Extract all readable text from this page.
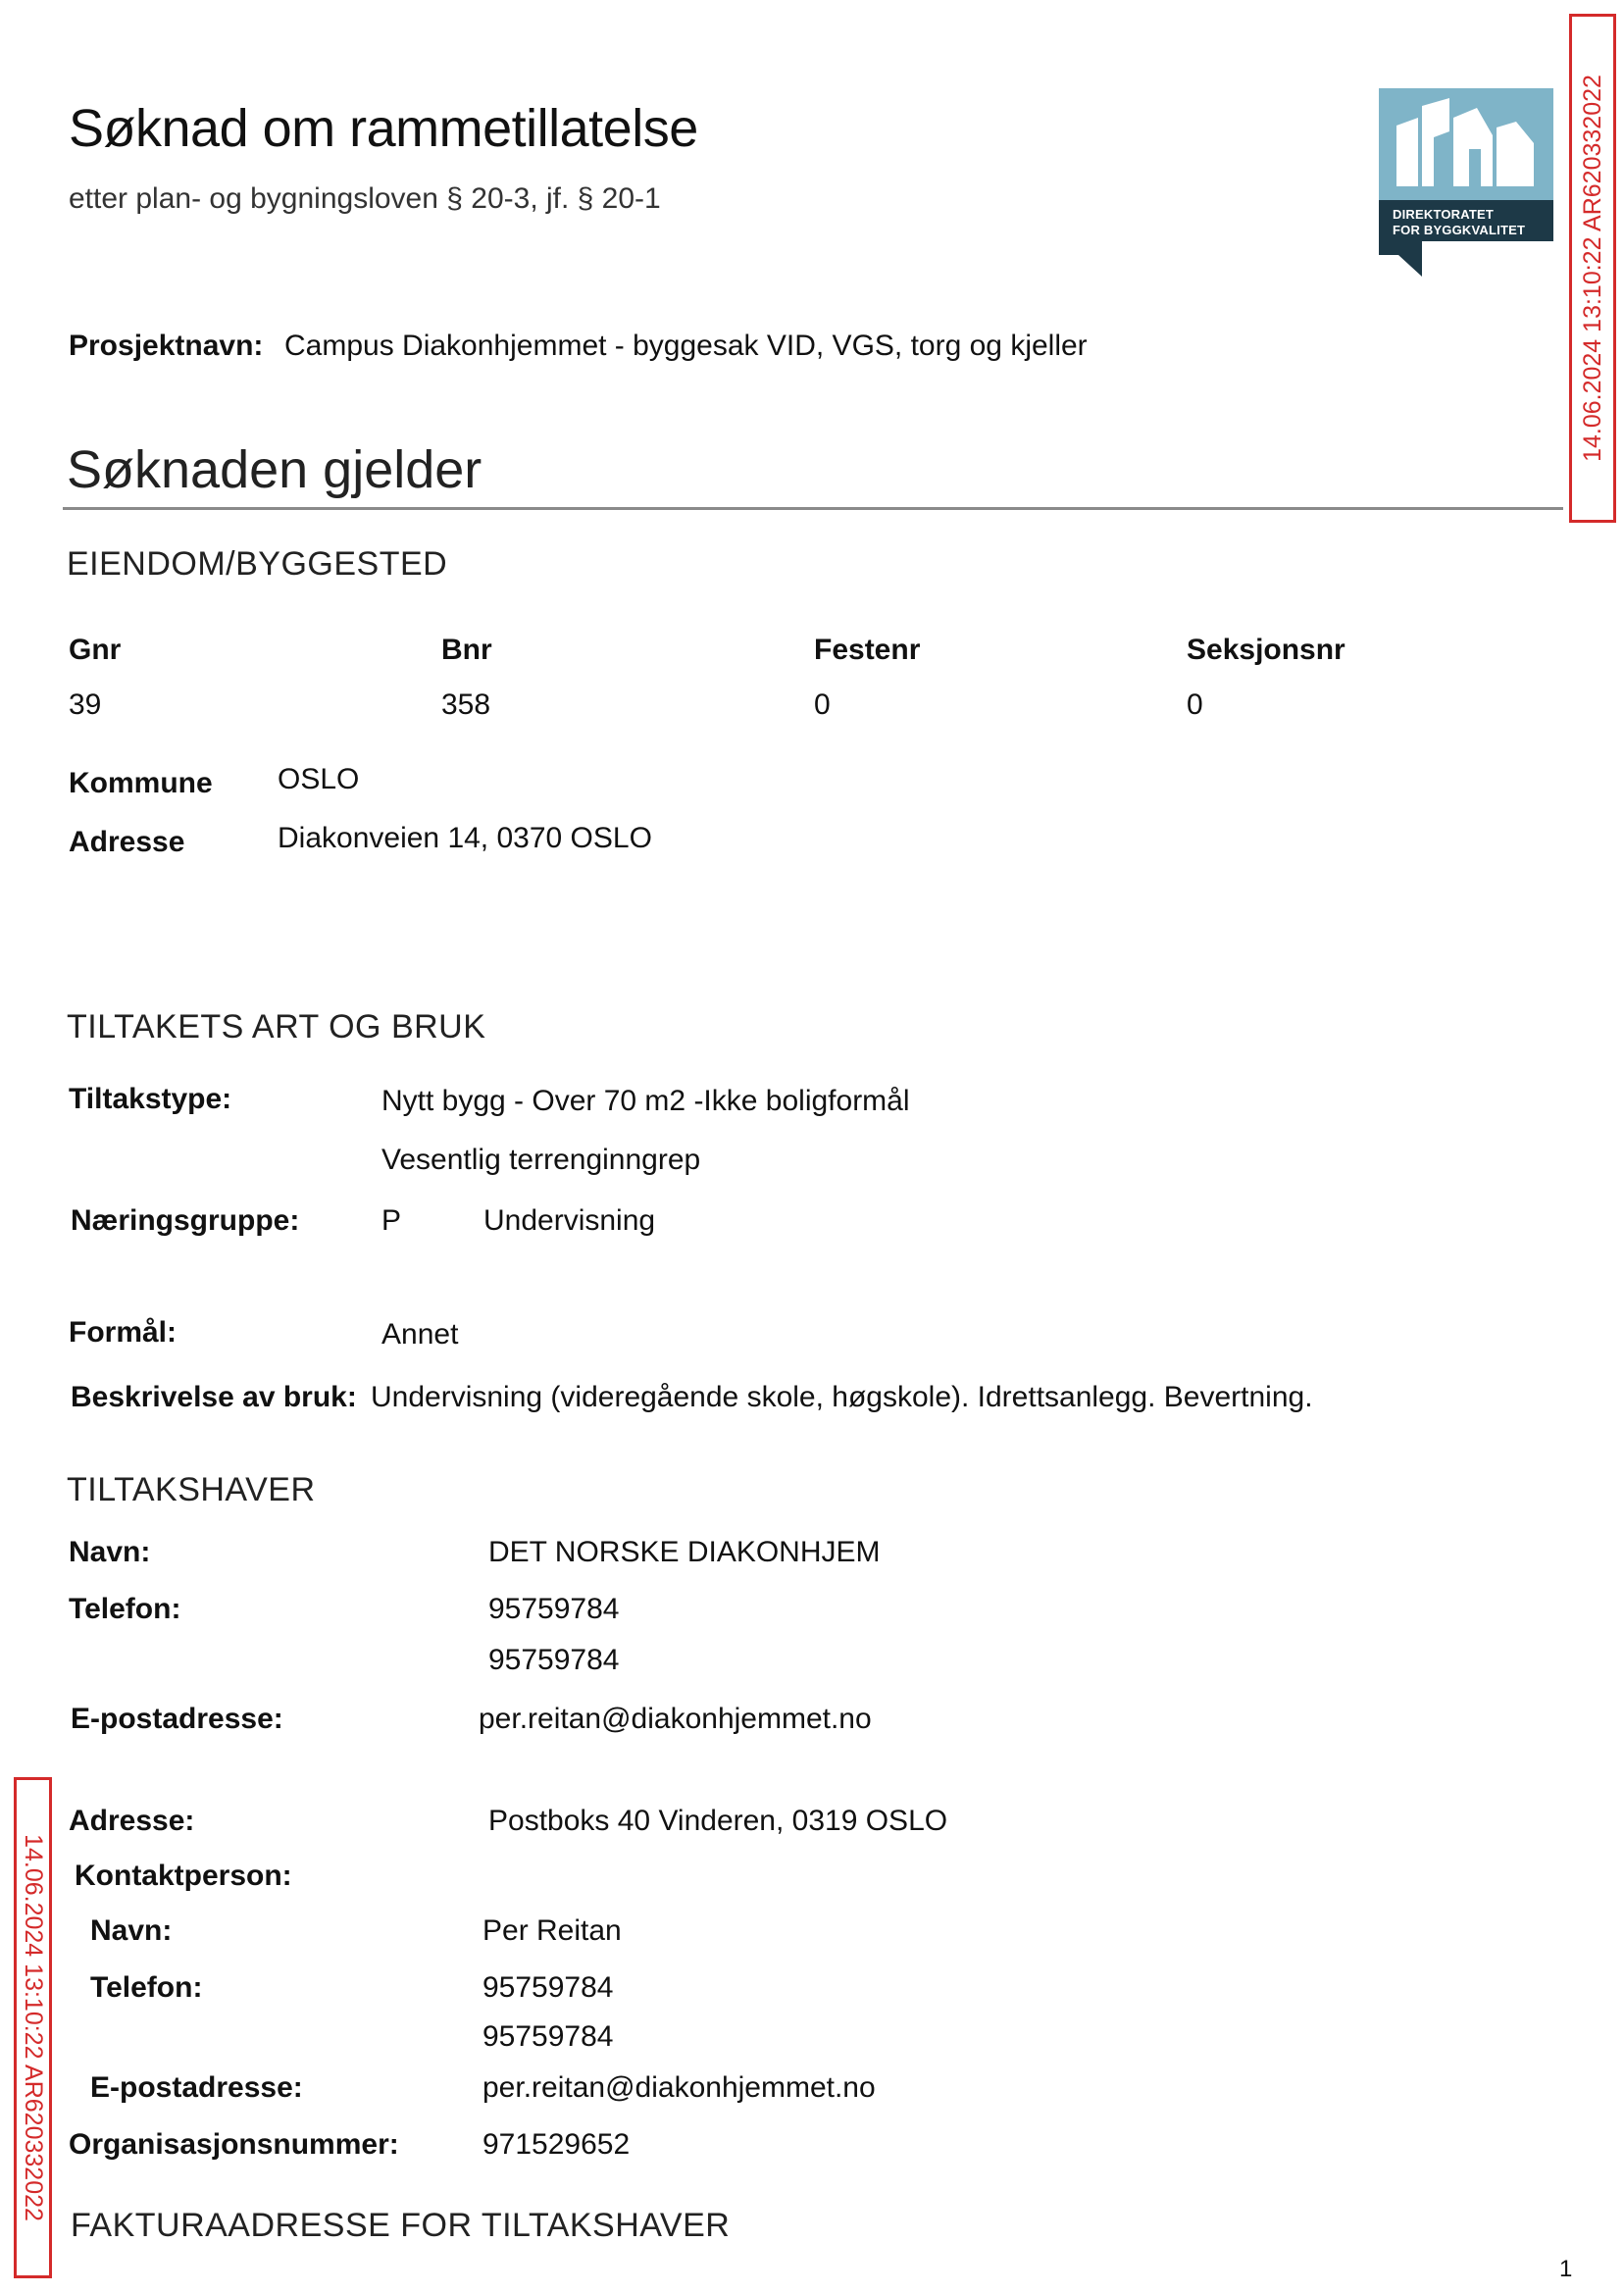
Søknad om rammetillatelse
etter plan- og bygningsloven § 20-3, jf. § 20-1	DIREKTORATET
FOR BYGGKVALITET 14.06.2024 13:10:22 AR620332022
14.06.2024 13:10:22 AR620332022
Prosjektnavn: Campus Diakonhjemmet - byggesak VID, VGS, torg og kjeller
Søknaden gjelder
EIENDOM/BYGGESTED
Gnr	Bnr	Festenr	Seksjonsnr
39	358	0	0
Kommune OSLO
Adresse	Diakonveien 14, 0370 OSLO
TILTAKETS ART OG BRUK
Tiltakstype:	Nytt bygg - Over 70 m2 -Ikke boligformål
Vesentlig terrenginngrep
Næringsgruppe:	P	Undervisning
Formål:	Annet
Beskrivelse av bruk: Undervisning (videregående skole, høgskole). Idrettsanlegg. Bevertning.
TILTAKSHAVER
Navn:	DET NORSKE DIAKONHJEM
Telefon:	95759784
95759784
E-postadresse:	per.reitan@diakonhjemmet.no
Adresse:	Postboks 40 Vinderen, 0319 OSLO
Kontaktperson:
Navn:	Per Reitan
Telefon:	95759784
95759784
E-postadresse:	per.reitan@diakonhjemmet.no
Organisasjonsnummer:	971529652
FAKTURAADRESSE FOR TILTAKSHAVER
1
